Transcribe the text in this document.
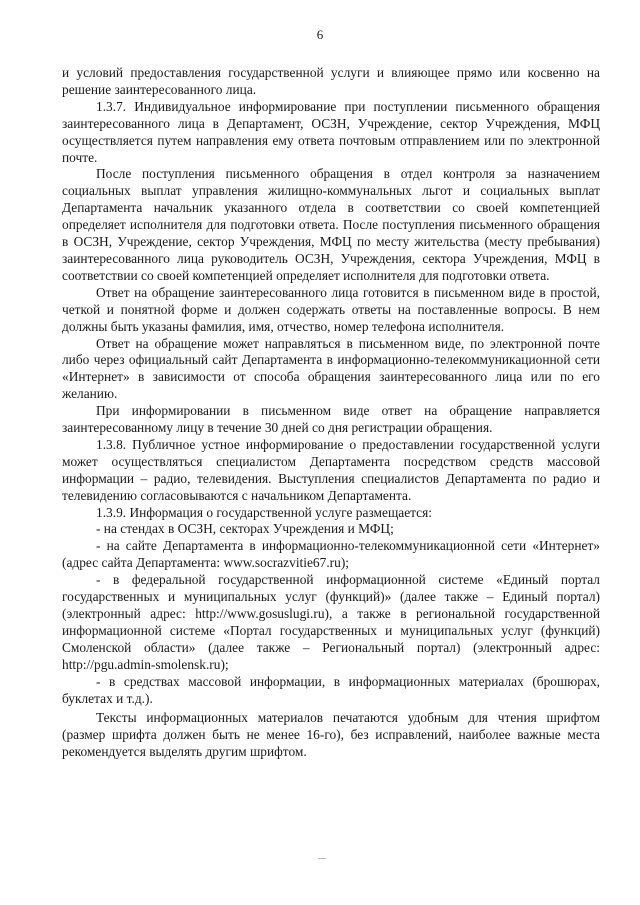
6

и условий предоставления государственной услуги и влияющее прямо или косвенно на решение заинтересованного лица.

1.3.7. Индивидуальное информирование при поступлении письменного обращения заинтересованного лица в Департамент, ОСЗН, Учреждение, сектор Учреждения, МФЦ осуществляется путем направления ему ответа почтовым отправлением или по электронной почте.

После поступления письменного обращения в отдел контроля за назначением социальных выплат управления жилищно-коммунальных льгот и социальных выплат Департамента начальник указанного отдела в соответствии со своей компетенцией определяет исполнителя для подготовки ответа. После поступления письменного обращения в ОСЗН, Учреждение, сектор Учреждения, МФЦ по месту жительства (месту пребывания) заинтересованного лица руководитель ОСЗН, Учреждения, сектора Учреждения, МФЦ в соответствии со своей компетенцией определяет исполнителя для подготовки ответа.

Ответ на обращение заинтересованного лица готовится в письменном виде в простой, четкой и понятной форме и должен содержать ответы на поставленные вопросы. В нем должны быть указаны фамилия, имя, отчество, номер телефона исполнителя.

Ответ на обращение может направляться в письменном виде, по электронной почте либо через официальный сайт Департамента в информационно-телекоммуникационной сети «Интернет» в зависимости от способа обращения заинтересованного лица или по его желанию.

При информировании в письменном виде ответ на обращение направляется заинтересованному лицу в течение 30 дней со дня регистрации обращения.

1.3.8. Публичное устное информирование о предоставлении государственной услуги может осуществляться специалистом Департамента посредством средств массовой информации – радио, телевидения. Выступления специалистов Департамента по радио и телевидению согласовываются с начальником Департамента.

1.3.9. Информация о государственной услуге размещается:

- на стендах в ОСЗН, секторах Учреждения и МФЦ;

- на сайте Департамента в информационно-телекоммуникационной сети «Интернет» (адрес сайта Департамента: www.socrazvitie67.ru);

- в федеральной государственной информационной системе «Единый портал государственных и муниципальных услуг (функций)» (далее также – Единый портал) (электронный адрес: http://www.gosuslugi.ru), а также в региональной государственной информационной системе «Портал государственных и муниципальных услуг (функций) Смоленской области» (далее также – Региональный портал) (электронный адрес: http://pgu.admin-smolensk.ru);

- в средствах массовой информации, в информационных материалах (брошюрах, буклетах и т.д.).

Тексты информационных материалов печатаются удобным для чтения шрифтом (размер шрифта должен быть не менее 16-го), без исправлений, наиболее важные места рекомендуется выделять другим шрифтом.
